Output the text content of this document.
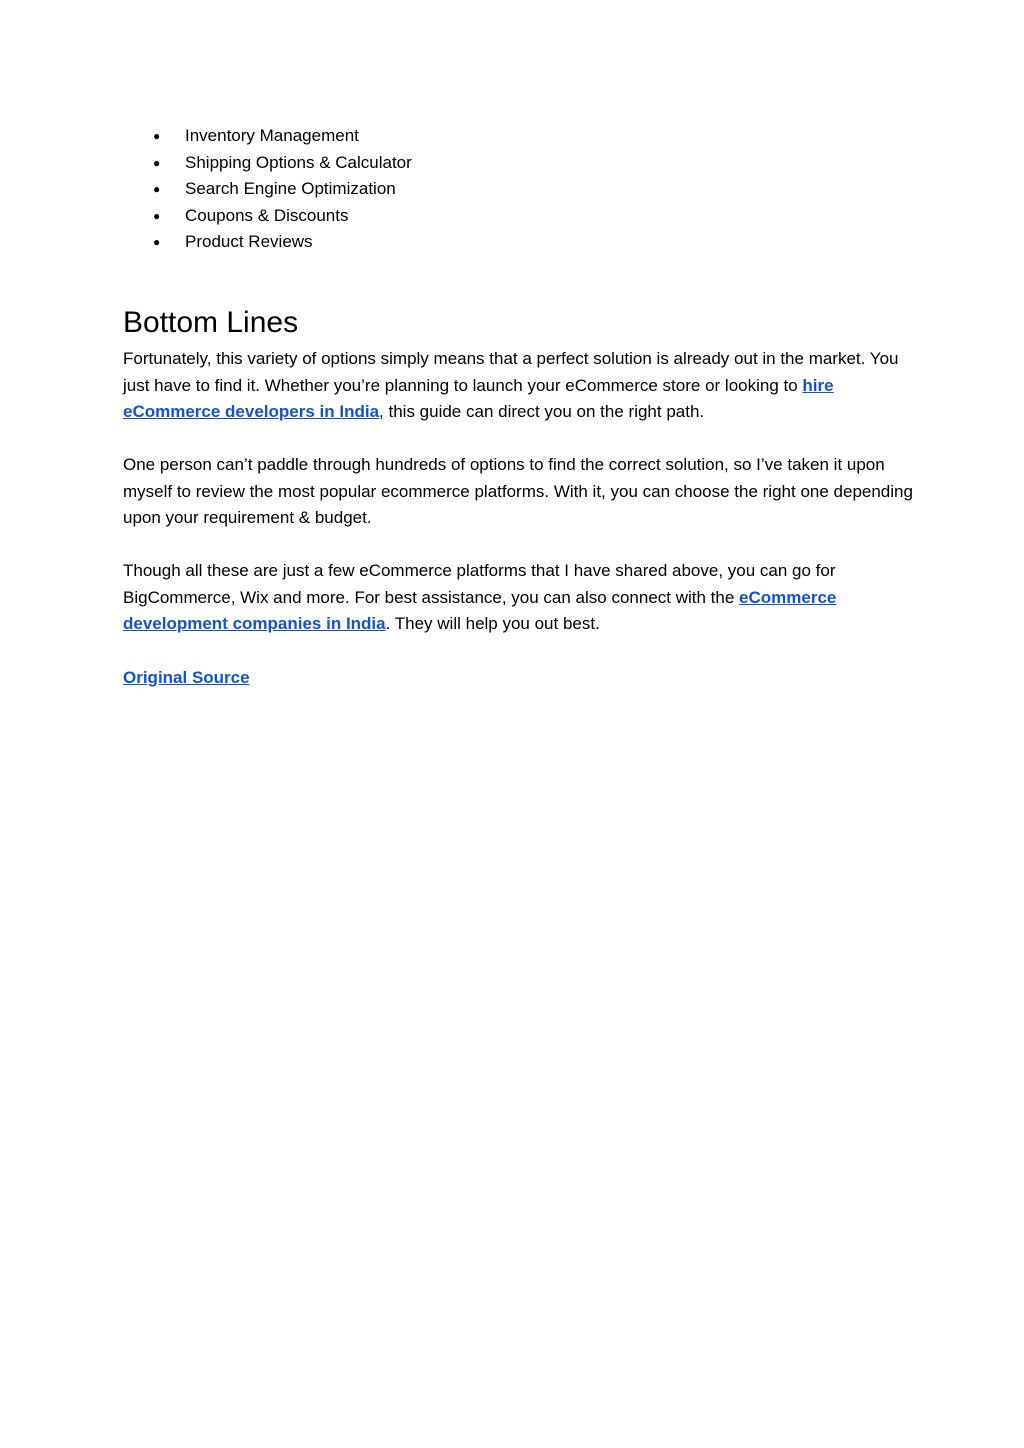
● Inventory Management
● Shipping Options & Calculator
● Search Engine Optimization
● Coupons & Discounts
● Product Reviews
Bottom Lines

Fortunately, this variety of options simply means that a perfect solution is already out in the market. You just have to find it. Whether you’re planning to launch your eCommerce store or looking to hire eCommerce developers in India, this guide can direct you on the right path.

One person can’t paddle through hundreds of options to find the correct solution, so I’ve taken it upon myself to review the most popular ecommerce platforms. With it, you can choose the right one depending upon your requirement & budget.

Though all these are just a few eCommerce platforms that I have shared above, you can go for BigCommerce, Wix and more. For best assistance, you can also connect with the eCommerce development companies in India. They will help you out best.

Original Source
